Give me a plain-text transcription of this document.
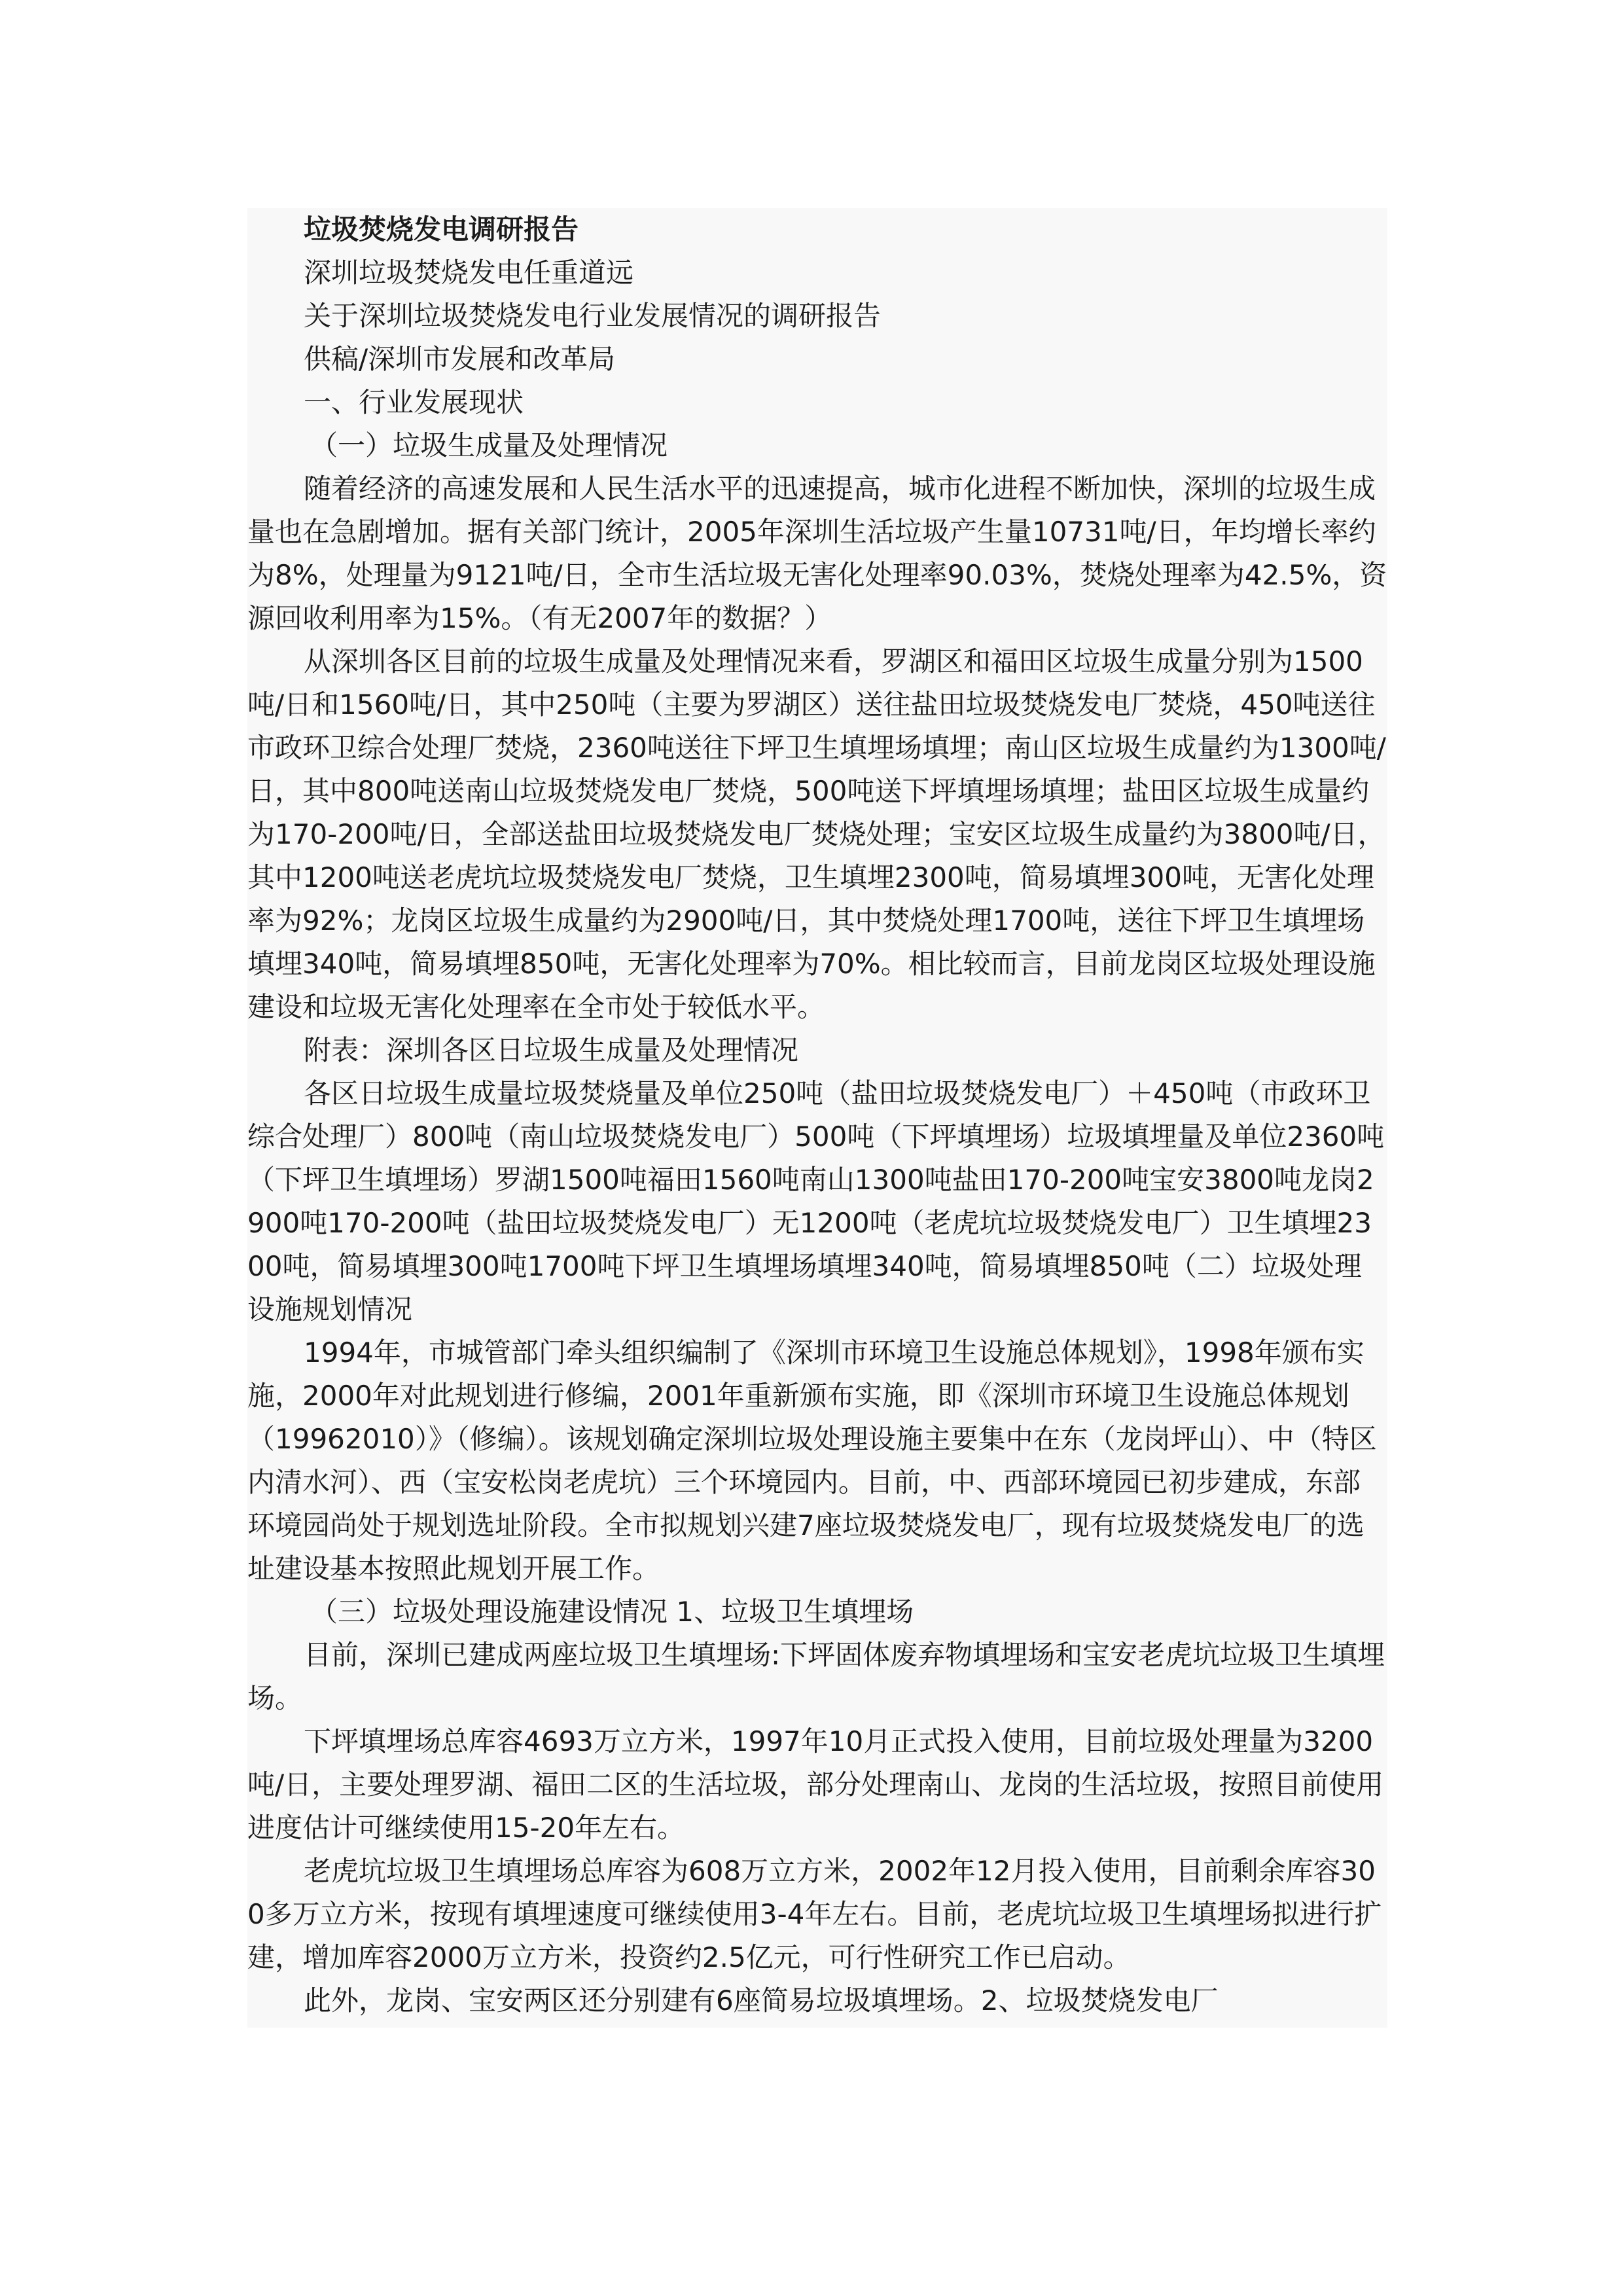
垃圾焚烧发电调研报告

深圳垃圾焚烧发电任重道远

关于深圳垃圾焚烧发电行业发展情况的调研报告

供稿/深圳市发展和改革局

一、行业发展现状

（一）垃圾生成量及处理情况

随着经济的高速发展和人民生活水平的迅速提高，城市化进程不断加快，深圳的垃圾生成量也在急剧增加。据有关部门统计，2005年深圳生活垃圾产生量10731吨/日，年均增长率约为8%，处理量为9121吨/日，全市生活垃圾无害化处理率90.03%，焚烧处理率为42.5%，资源回收利用率为15%。（有无2007年的数据？）

从深圳各区目前的垃圾生成量及处理情况来看，罗湖区和福田区垃圾生成量分别为1500吨/日和1560吨/日，其中250吨（主要为罗湖区）送往盐田垃圾焚烧发电厂焚烧，450吨送往市政环卫综合处理厂焚烧，2360吨送往下坪卫生填埋场填埋；南山区垃圾生成量约为1300吨/日，其中800吨送南山垃圾焚烧发电厂焚烧，500吨送下坪填埋场填埋；盐田区垃圾生成量约为170-200吨/日，全部送盐田垃圾焚烧发电厂焚烧处理；宝安区垃圾生成量约为3800吨/日，其中1200吨送老虎坑垃圾焚烧发电厂焚烧，卫生填埋2300吨，简易填埋300吨，无害化处理率为92%；龙岗区垃圾生成量约为2900吨/日，其中焚烧处理1700吨，送往下坪卫生填埋场填埋340吨，简易填埋850吨，无害化处理率为70%。相比较而言，目前龙岗区垃圾处理设施建设和垃圾无害化处理率在全市处于较低水平。

附表：深圳各区日垃圾生成量及处理情况

各区日垃圾生成量垃圾焚烧量及单位250吨（盐田垃圾焚烧发电厂）＋450吨（市政环卫综合处理厂）800吨（南山垃圾焚烧发电厂）500吨（下坪填埋场）垃圾填埋量及单位2360吨（下坪卫生填埋场）罗湖1500吨福田1560吨南山1300吨盐田170-200吨宝安3800吨龙岗2900吨170-200吨（盐田垃圾焚烧发电厂）无1200吨（老虎坑垃圾焚烧发电厂）卫生填埋2300吨，简易填埋300吨1700吨下坪卫生填埋场填埋340吨，简易填埋850吨（二）垃圾处理设施规划情况

1994年，市城管部门牵头组织编制了《深圳市环境卫生设施总体规划》，1998年颁布实施，2000年对此规划进行修编，2001年重新颁布实施，即《深圳市环境卫生设施总体规划（19962010）》（修编）。该规划确定深圳垃圾处理设施主要集中在东（龙岗坪山）、中（特区内清水河）、西（宝安松岗老虎坑）三个环境园内。目前，中、西部环境园已初步建成，东部环境园尚处于规划选址阶段。全市拟规划兴建7座垃圾焚烧发电厂，现有垃圾焚烧发电厂的选址建设基本按照此规划开展工作。

（三）垃圾处理设施建设情况 1、垃圾卫生填埋场

目前，深圳已建成两座垃圾卫生填埋场:下坪固体废弃物填埋场和宝安老虎坑垃圾卫生填埋场。

下坪填埋场总库容4693万立方米，1997年10月正式投入使用，目前垃圾处理量为3200吨/日，主要处理罗湖、福田二区的生活垃圾，部分处理南山、龙岗的生活垃圾，按照目前使用进度估计可继续使用15-20年左右。

老虎坑垃圾卫生填埋场总库容为608万立方米，2002年12月投入使用，目前剩余库容300多万立方米，按现有填埋速度可继续使用3-4年左右。目前，老虎坑垃圾卫生填埋场拟进行扩建，增加库容2000万立方米，投资约2.5亿元，可行性研究工作已启动。

此外，龙岗、宝安两区还分别建有6座简易垃圾填埋场。2、垃圾焚烧发电厂
